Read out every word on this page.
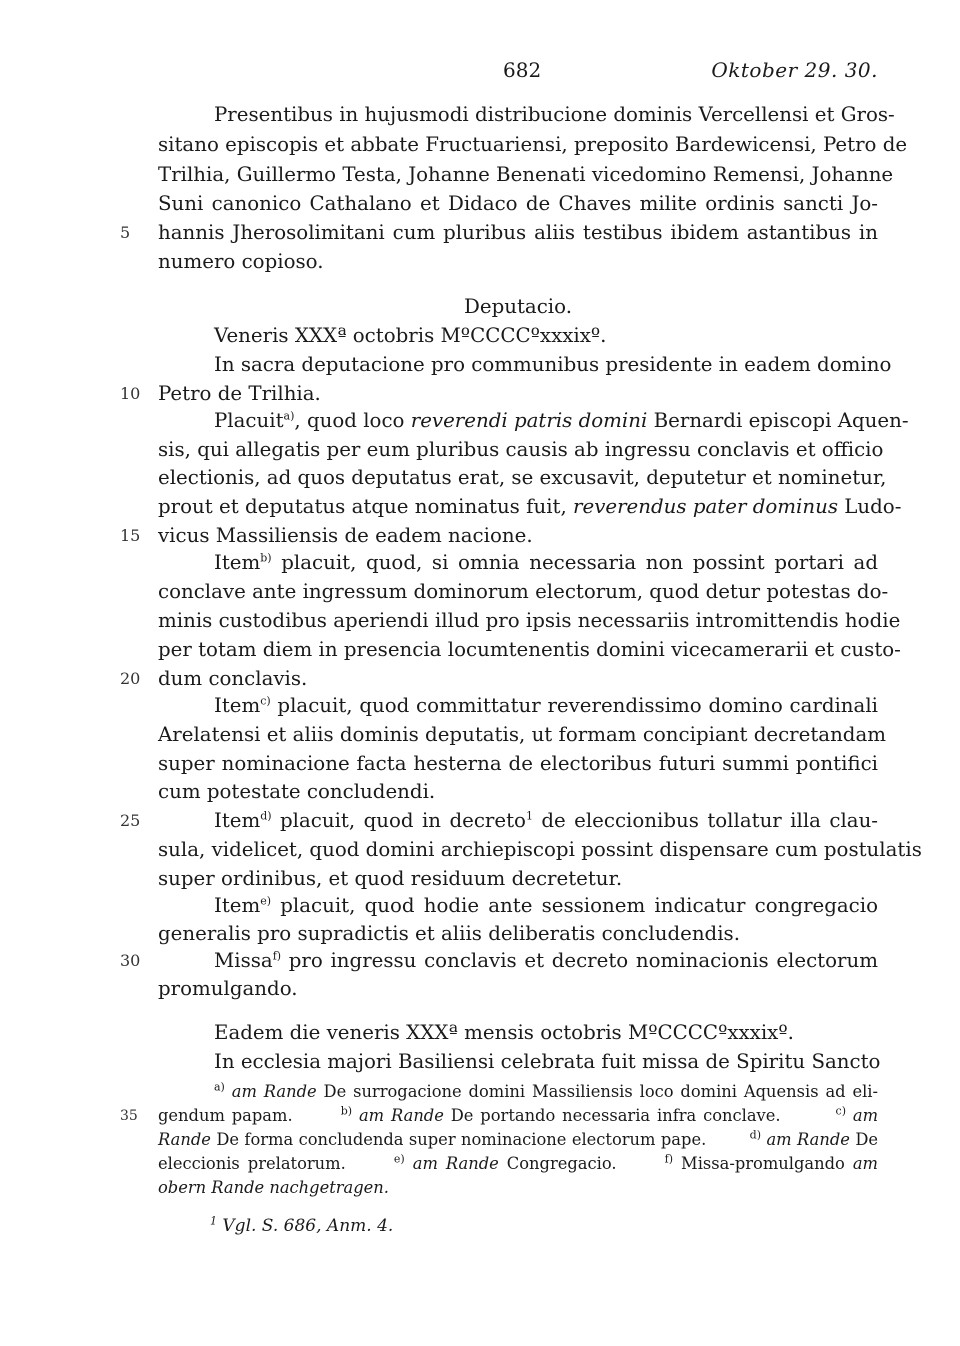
682	Oktober 29. 30.
Presentibus in hujusmodi distribucione dominis Vercellensi et Gros-
sitano episcopis et abbate Fructuariensi, preposito Bardewicensi, Petro de
Trilhia, Guillermo Testa, Johanne Benenati vicedomino Remensi, Johanne
Suni canonico Cathalano et Didaco de Chaves milite ordinis sancti Jo-
5	hannis Jherosolimitani cum pluribus aliis testibus ibidem astantibus in
numero copioso.
Deputacio.
Veneris XXXª octobris MºCCCCºxxxixº.
In sacra deputacione pro communibus presidente in eadem domino
10 Petro de Trilhia.
Placuit$^{a)}$, quod loco reverendi patris domini Bernardi episcopi Aquen-
sis, qui allegatis per eum pluribus causis ab ingressu conclavis et officio
electionis, ad quos deputatus erat, se excusavit, deputetur et nominetur,
prout et deputatus atque nominatus fuit, reverendus pater dominus Ludo-
15 vicus Massiliensis de eadem nacione.
Item$^{b)}$ placuit, quod, si omnia necessaria non possint portari ad
conclave ante ingressum dominorum electorum, quod detur potestas do-
minis custodibus aperiendi illud pro ipsis necessariis intromittendis hodie
per totam diem in presencia locumtenentis domini vicecamerarii et custo-
20 dum conclavis.
Item$^{c)}$ placuit, quod committatur reverendissimo domino cardinali
Arelatensi et aliis dominis deputatis, ut formam concipiant decretandam
super nominacione facta hesterna de electoribus futuri summi pontifici
cum potestate concludendi.
25	Item$^{d)}$ placuit, quod in decreto$^1$ de eleccionibus tollatur illa clau-
sula, videlicet, quod domini archiepiscopi possint dispensare cum postulatis
super ordinibus, et quod residuum decretetur.
Item$^{e)}$ placuit, quod hodie ante sessionem indicatur congregacio
generalis pro supradictis et aliis deliberatis concludendis.
30	Missa$^{f)}$ pro ingressu conclavis et decreto nominacionis electorum
promulgando.
Eadem die veneris XXXª mensis octobris MºCCCCºxxxixº.
In ecclesia majori Basiliensi celebrata fuit missa de Spiritu Sancto
$^{a)}$ am Rande De surrogacione domini Massiliensis loco domini Aquensis ad eli-
35	gendum papam.	$^{b)}$ am Rande De portando necessaria infra conclave.	$^{c)}$ am
Rande De forma concludenda super nominacione electorum pape.	$^{d)}$ am Rande De
eleccionis prelatorum.	$^{e)}$ am Rande Congregacio.	$^{f)}$ Missa-promulgando am
obern Rande nachgetragen.
$^1$ Vgl. S. 686, Anm. 4.
